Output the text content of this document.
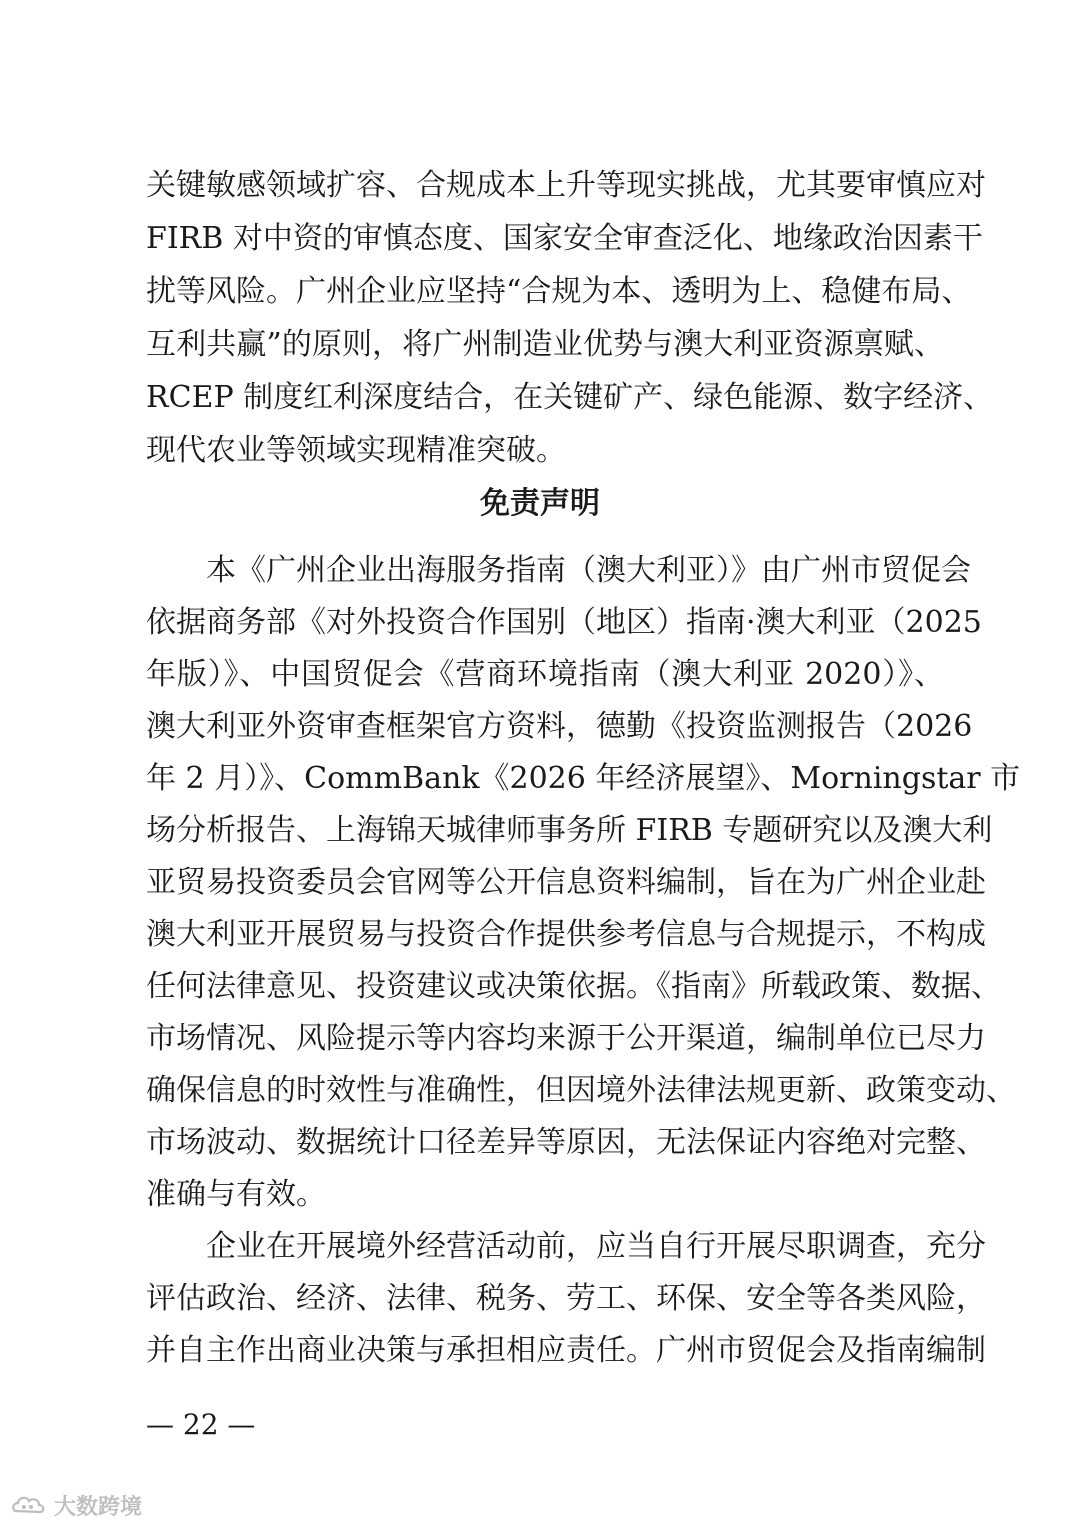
关键敏感领域扩容、合规成本上升等现实挑战，尤其要审慎应对
FIRB 对中资的审慎态度、国家安全审查泛化、地缘政治因素干
扰等风险。广州企业应坚持“合规为本、透明为上、稳健布局、
互利共赢”的原则，将广州制造业优势与澳大利亚资源禀赋、
RCEP 制度红利深度结合，在关键矿产、绿色能源、数字经济、
现代农业等领域实现精准突破。
免责声明
本《广州企业出海服务指南（澳大利亚）》由广州市贸促会
依据商务部《对外投资合作国别（地区）指南·澳大利亚（2025
年版）》、中国贸促会《营商环境指南（澳大利亚 2020）》、
澳大利亚外资审查框架官方资料，德勤《投资监测报告（2026
年 2 月）》、CommBank《2026 年经济展望》、Morningstar 市
场分析报告、上海锦天城律师事务所 FIRB 专题研究以及澳大利
亚贸易投资委员会官网等公开信息资料编制，旨在为广州企业赴
澳大利亚开展贸易与投资合作提供参考信息与合规提示，不构成
任何法律意见、投资建议或决策依据。《指南》所载政策、数据、
市场情况、风险提示等内容均来源于公开渠道，编制单位已尽力
确保信息的时效性与准确性，但因境外法律法规更新、政策变动、
市场波动、数据统计口径差异等原因，无法保证内容绝对完整、
准确与有效。
企业在开展境外经营活动前，应当自行开展尽职调查，充分
评估政治、经济、法律、税务、劳工、环保、安全等各类风险，
并自主作出商业决策与承担相应责任。广州市贸促会及指南编制
— 22 —
大数跨境
